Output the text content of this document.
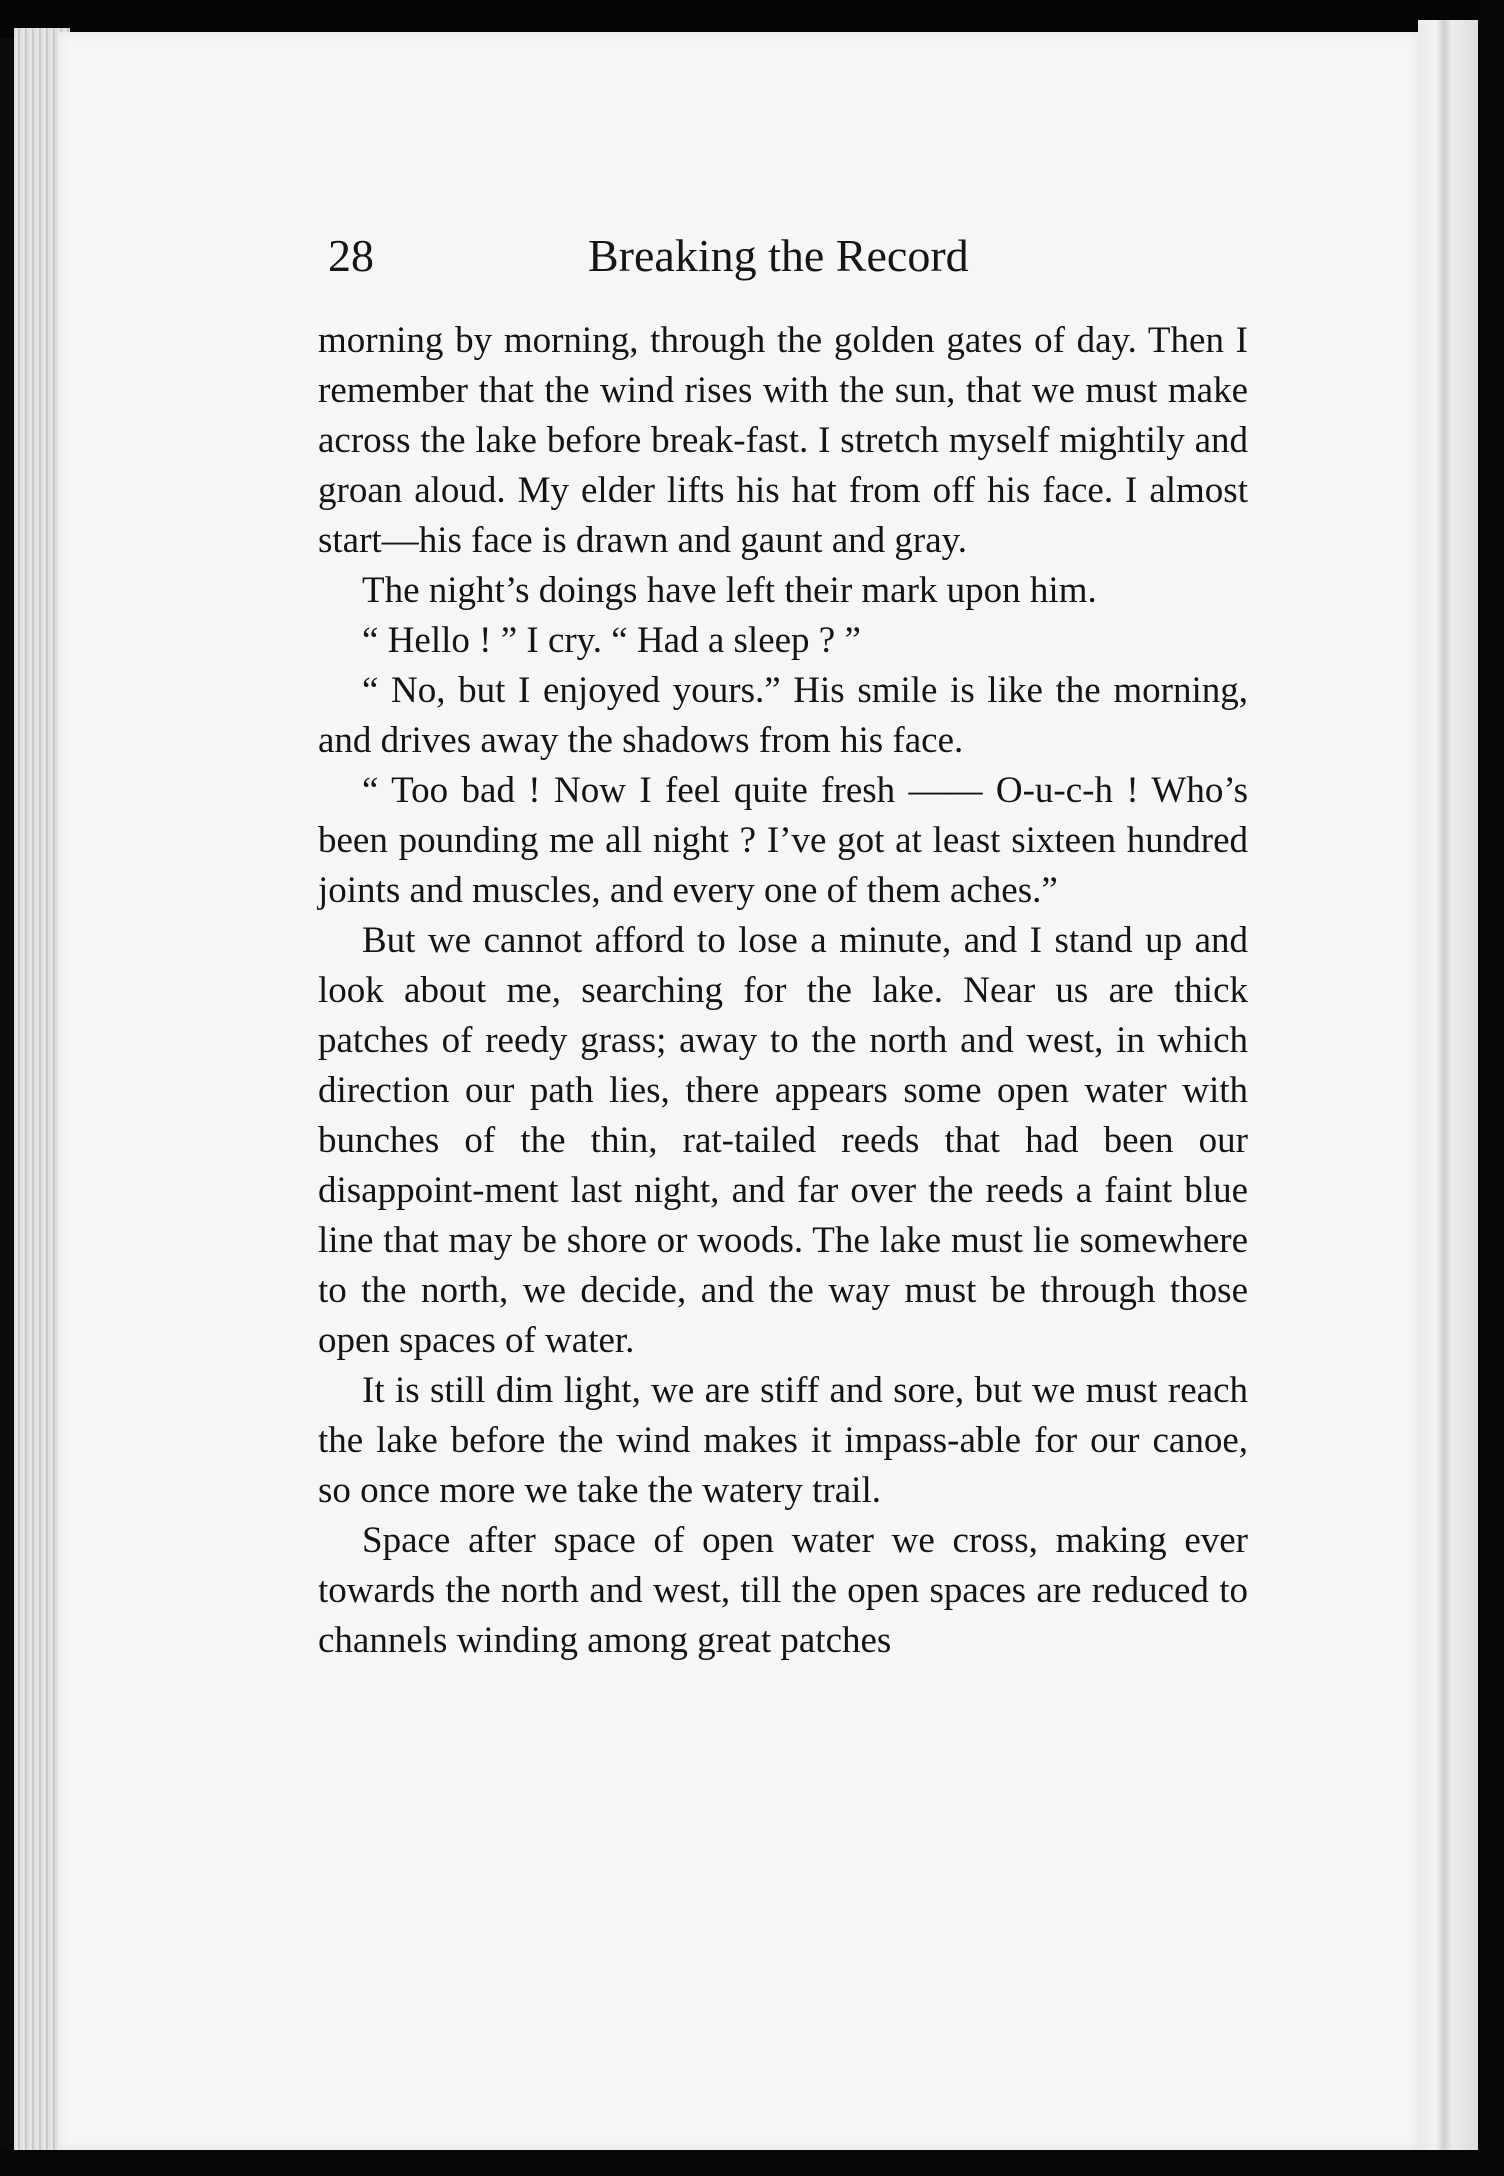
28	Breaking the Record

morning by morning, through the golden gates of day. Then I remember that the wind rises with the sun, that we must make across the lake before break-fast. I stretch myself mightily and groan aloud. My elder lifts his hat from off his face. I almost start—his face is drawn and gaunt and gray.

The night’s doings have left their mark upon him.

“ Hello ! ” I cry. “ Had a sleep ? ”

“ No, but I enjoyed yours.” His smile is like the morning, and drives away the shadows from his face.

“ Too bad ! Now I feel quite fresh —— O-u-c-h ! Who’s been pounding me all night ? I’ve got at least sixteen hundred joints and muscles, and every one of them aches.”

But we cannot afford to lose a minute, and I stand up and look about me, searching for the lake. Near us are thick patches of reedy grass; away to the north and west, in which direction our path lies, there appears some open water with bunches of the thin, rat-tailed reeds that had been our disappoint-ment last night, and far over the reeds a faint blue line that may be shore or woods. The lake must lie somewhere to the north, we decide, and the way must be through those open spaces of water.

It is still dim light, we are stiff and sore, but we must reach the lake before the wind makes it impass-able for our canoe, so once more we take the watery trail.

Space after space of open water we cross, making ever towards the north and west, till the open spaces are reduced to channels winding among great patches
